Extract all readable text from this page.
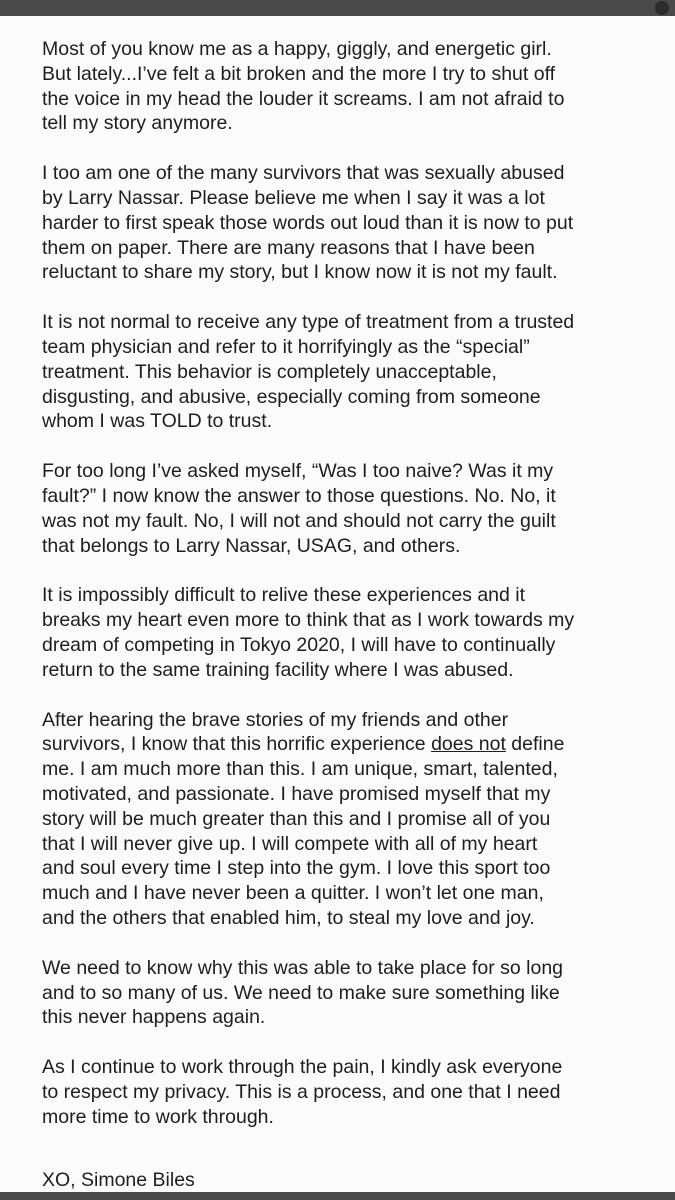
Most of you know me as a happy, giggly, and energetic girl.
But lately...I’ve felt a bit broken and the more I try to shut off
the voice in my head the louder it screams. I am not afraid to
tell my story anymore.

I too am one of the many survivors that was sexually abused
by Larry Nassar. Please believe me when I say it was a lot
harder to first speak those words out loud than it is now to put
them on paper. There are many reasons that I have been
reluctant to share my story, but I know now it is not my fault.

It is not normal to receive any type of treatment from a trusted
team physician and refer to it horrifyingly as the “special”
treatment. This behavior is completely unacceptable,
disgusting, and abusive, especially coming from someone
whom I was TOLD to trust.

For too long I’ve asked myself, “Was I too naive? Was it my
fault?” I now know the answer to those questions. No. No, it
was not my fault. No, I will not and should not carry the guilt
that belongs to Larry Nassar, USAG, and others.

It is impossibly difficult to relive these experiences and it
breaks my heart even more to think that as I work towards my
dream of competing in Tokyo 2020, I will have to continually
return to the same training facility where I was abused.

After hearing the brave stories of my friends and other
survivors, I know that this horrific experience does not define
me. I am much more than this. I am unique, smart, talented,
motivated, and passionate. I have promised myself that my
story will be much greater than this and I promise all of you
that I will never give up. I will compete with all of my heart
and soul every time I step into the gym. I love this sport too
much and I have never been a quitter. I won’t let one man,
and the others that enabled him, to steal my love and joy.

We need to know why this was able to take place for so long
and to so many of us. We need to make sure something like
this never happens again.

As I continue to work through the pain, I kindly ask everyone
to respect my privacy. This is a process, and one that I need
more time to work through.

XO, Simone Biles
